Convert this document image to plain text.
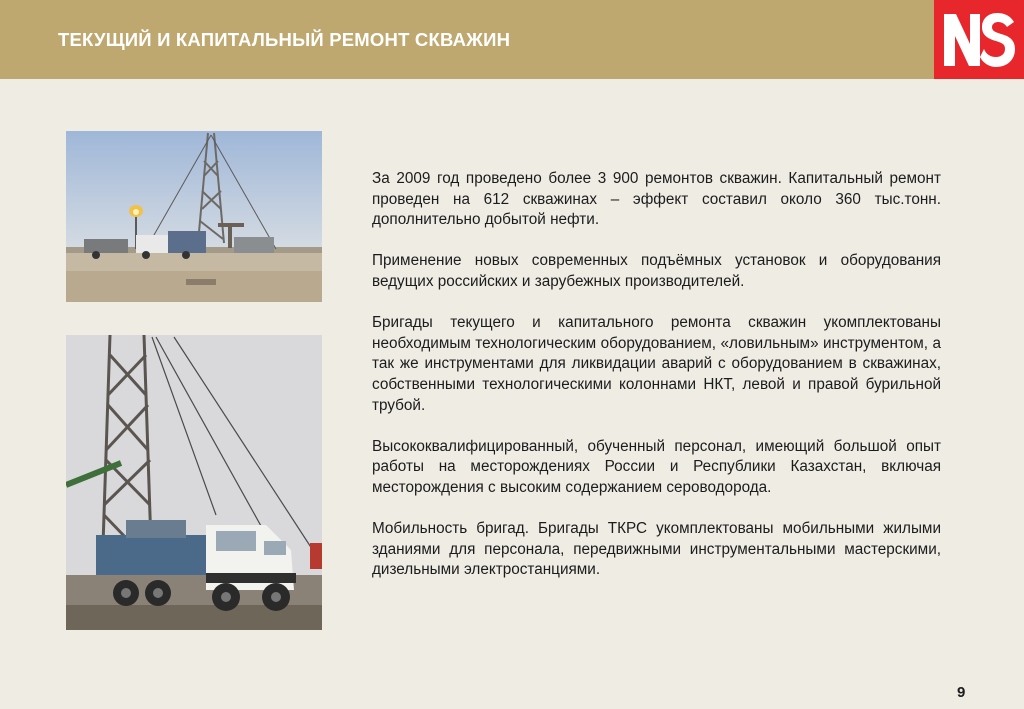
ТЕКУЩИЙ И КАПИТАЛЬНЫЙ РЕМОНТ СКВАЖИН

За 2009 год проведено более 3 900 ремонтов скважин. Капитальный ремонт проведен на 612 скважинах – эффект составил около 360 тыс.тонн. дополнительно добытой нефти.

Применение новых современных подъёмных установок и оборудования ведущих российских и зарубежных производителей.

Бригады текущего и капитального ремонта скважин укомплектованы необходимым технологическим оборудованием, «ловильным» инструментом, а так же инструментами для ликвидации аварий с оборудованием в скважинах, собственными технологическими колоннами НКТ, левой и правой бурильной трубой.

Высококвалифицированный, обученный персонал, имеющий большой опыт работы на месторождениях России и Республики Казахстан, включая месторождения с высоким содержанием сероводорода.

Мобильность бригад. Бригады ТКРС укомплектованы мобильными жилыми зданиями для персонала, передвижными инструментальными мастерскими, дизельными электростанциями.

9
